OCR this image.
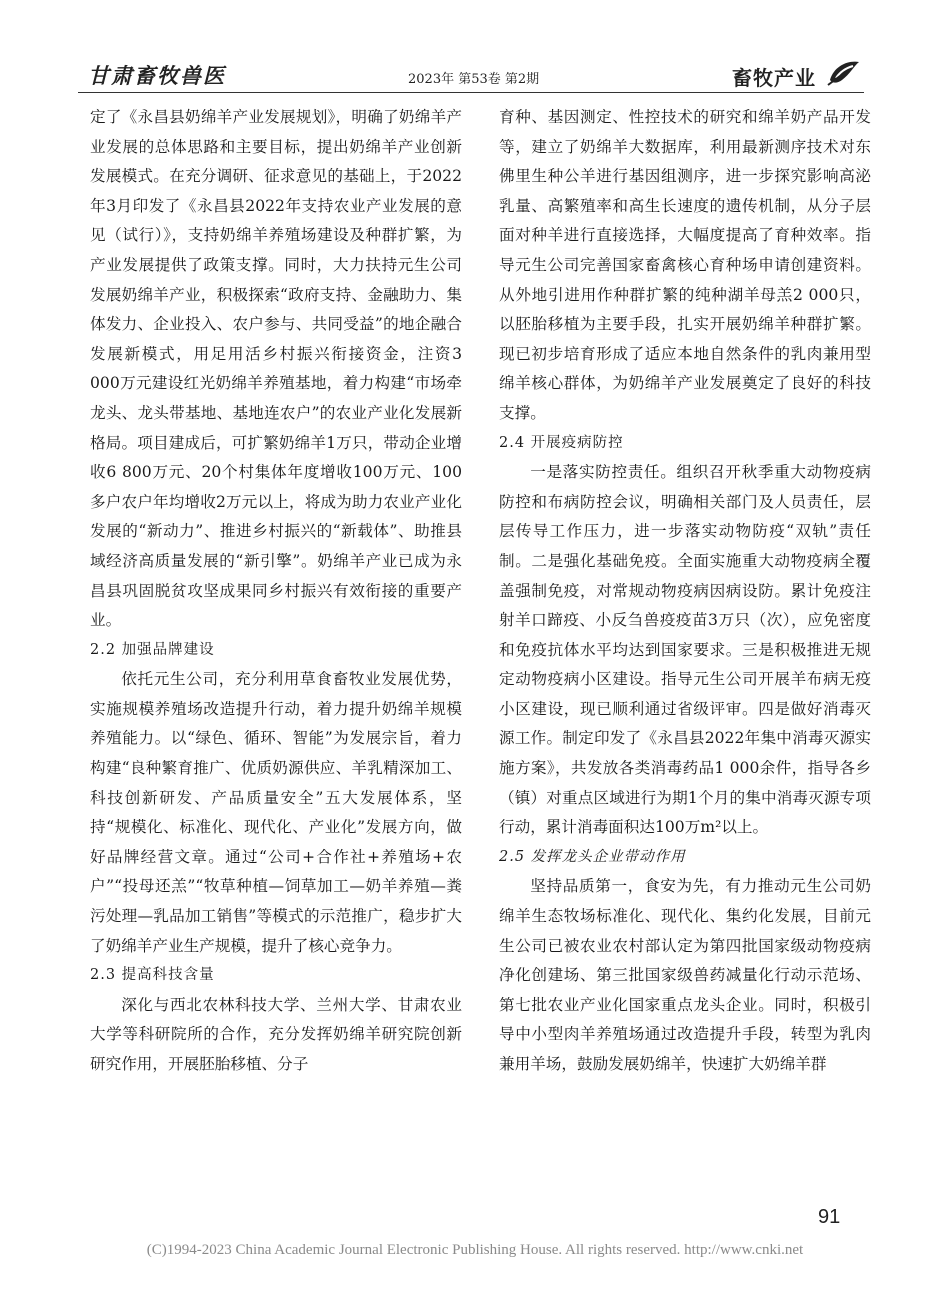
甘肃畜牧兽医	2023年 第53卷 第2期	畜牧产业

定了《永昌县奶绵羊产业发展规划》，明确了奶绵羊产业发展的总体思路和主要目标，提出奶绵羊产业创新发展模式。在充分调研、征求意见的基础上，于2022年3月印发了《永昌县2022年支持农业产业发展的意见（试行）》，支持奶绵羊养殖场建设及种群扩繁，为产业发展提供了政策支撑。同时，大力扶持元生公司发展奶绵羊产业，积极探索“政府支持、金融助力、集体发力、企业投入、农户参与、共同受益”的地企融合发展新模式，用足用活乡村振兴衔接资金，注资3 000万元建设红光奶绵羊养殖基地，着力构建“市场牵龙头、龙头带基地、基地连农户”的农业产业化发展新格局。项目建成后，可扩繁奶绵羊1万只，带动企业增收6 800万元、20个村集体年度增收100万元、100多户农户年均增收2万元以上，将成为助力农业产业化发展的“新动力”、推进乡村振兴的“新载体”、助推县域经济高质量发展的“新引擎”。奶绵羊产业已成为永昌县巩固脱贫攻坚成果同乡村振兴有效衔接的重要产业。

2.2 加强品牌建设

依托元生公司，充分利用草食畜牧业发展优势，实施规模养殖场改造提升行动，着力提升奶绵羊规模养殖能力。以“绿色、循环、智能”为发展宗旨，着力构建“良种繁育推广、优质奶源供应、羊乳精深加工、科技创新研发、产品质量安全”五大发展体系，坚持“规模化、标准化、现代化、产业化”发展方向，做好品牌经营文章。通过“公司+合作社+养殖场+农户”“投母还羔”“牧草种植—饲草加工—奶羊养殖—粪污处理—乳品加工销售”等模式的示范推广，稳步扩大了奶绵羊产业生产规模，提升了核心竞争力。

2.3 提高科技含量

深化与西北农林科技大学、兰州大学、甘肃农业大学等科研院所的合作，充分发挥奶绵羊研究院创新研究作用，开展胚胎移植、分子

育种、基因测定、性控技术的研究和绵羊奶产品开发等，建立了奶绵羊大数据库，利用最新测序技术对东佛里生种公羊进行基因组测序，进一步探究影响高泌乳量、高繁殖率和高生长速度的遗传机制，从分子层面对种羊进行直接选择，大幅度提高了育种效率。指导元生公司完善国家畜禽核心育种场申请创建资料。从外地引进用作种群扩繁的纯种湖羊母羔2 000只，以胚胎移植为主要手段，扎实开展奶绵羊种群扩繁。现已初步培育形成了适应本地自然条件的乳肉兼用型绵羊核心群体，为奶绵羊产业发展奠定了良好的科技支撑。

2.4 开展疫病防控

一是落实防控责任。组织召开秋季重大动物疫病防控和布病防控会议，明确相关部门及人员责任，层层传导工作压力，进一步落实动物防疫“双轨”责任制。二是强化基础免疫。全面实施重大动物疫病全覆盖强制免疫，对常规动物疫病因病设防。累计免疫注射羊口蹄疫、小反刍兽疫疫苗3万只（次），应免密度和免疫抗体水平均达到国家要求。三是积极推进无规定动物疫病小区建设。指导元生公司开展羊布病无疫小区建设，现已顺利通过省级评审。四是做好消毒灭源工作。制定印发了《永昌县2022年集中消毒灭源实施方案》，共发放各类消毒药品1 000余件，指导各乡（镇）对重点区域进行为期1个月的集中消毒灭源专项行动，累计消毒面积达100万m²以上。

2.5 发挥龙头企业带动作用

坚持品质第一，食安为先，有力推动元生公司奶绵羊生态牧场标准化、现代化、集约化发展，目前元生公司已被农业农村部认定为第四批国家级动物疫病净化创建场、第三批国家级兽药减量化行动示范场、第七批农业产业化国家重点龙头企业。同时，积极引导中小型肉羊养殖场通过改造提升手段，转型为乳肉兼用羊场，鼓励发展奶绵羊，快速扩大奶绵羊群

91
(C)1994-2023 China Academic Journal Electronic Publishing House. All rights reserved. http://www.cnki.net
